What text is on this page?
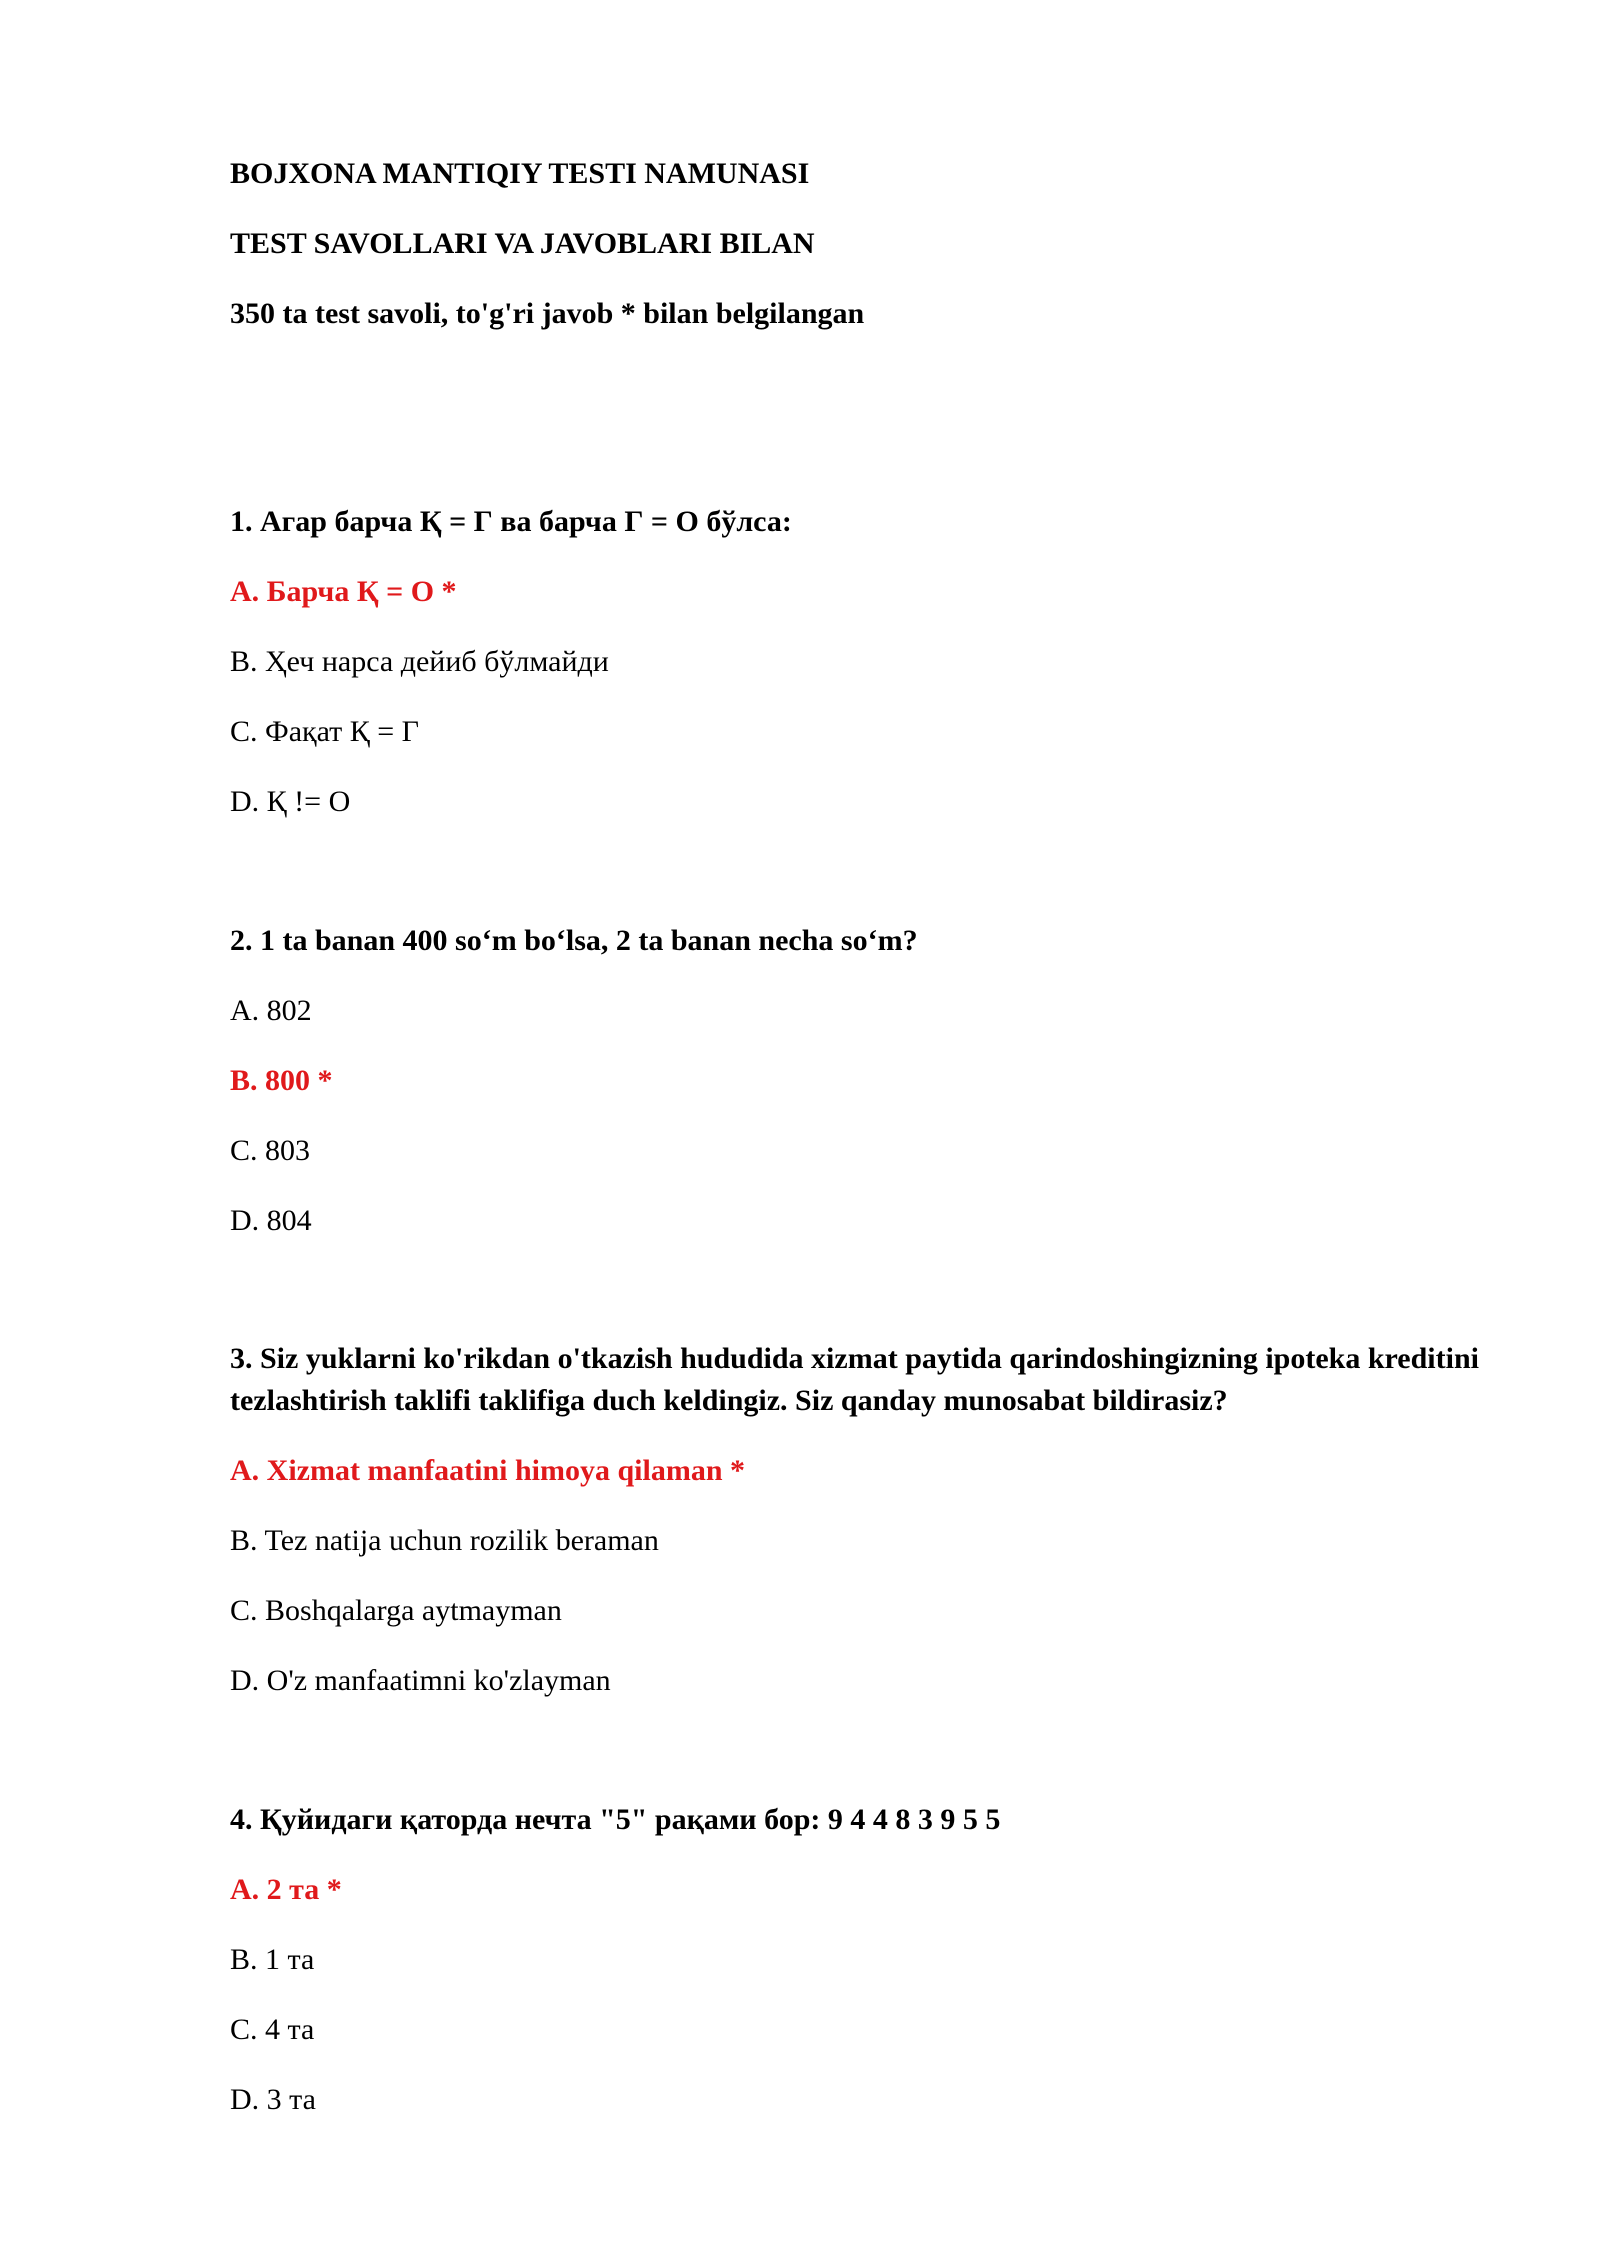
BOJXONA MANTIQIY TESTI NAMUNASI
TEST SAVOLLARI VA JAVOBLARI BILAN
350 ta test savoli, to'g'ri javob * bilan belgilangan
1. Агар барча Қ = Г ва барча Г = О бўлса:
A. Барча Қ = О *
B. Ҳеч нарса дейиб бўлмайди
C. Фақат Қ = Г
D. Қ != О
2. 1 ta banan 400 so‘m bo‘lsa, 2 ta banan necha so‘m?
A. 802
B. 800 *
C. 803
D. 804
3. Siz yuklarni ko'rikdan o'tkazish hududida xizmat paytida qarindoshingizning ipoteka kreditini tezlashtirish taklifi taklifiga duch keldingiz. Siz qanday munosabat bildirasiz?
A. Xizmat manfaatini himoya qilaman *
B. Tez natija uchun rozilik beraman
C. Boshqalarga aytmayman
D. O'z manfaatimni ko'zlayman
4. Қуйидаги қаторда нечта "5" рақами бор: 9 4 4 8 3 9 5 5
A. 2 та *
B. 1 та
C. 4 та
D. 3 та
